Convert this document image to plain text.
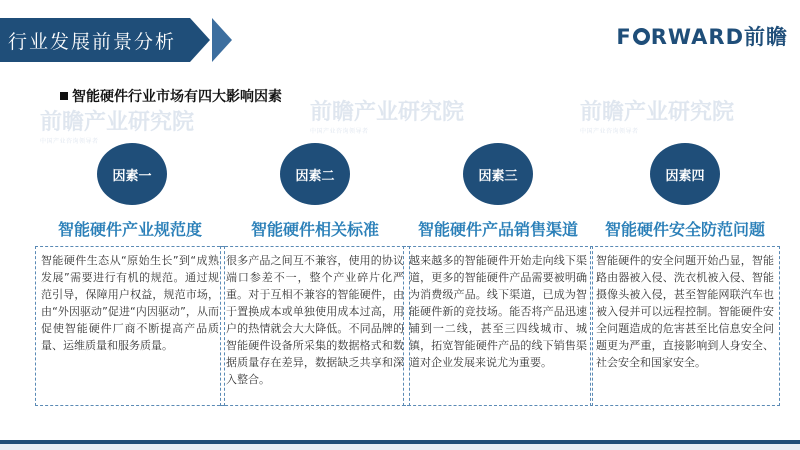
行业发展前景分析	F RWARD前瞻
智能硬件行业市场有四大影响因素
前瞻产业研究院
中国产业咨询领导者
前瞻产业研究院
中国产业咨询领导者
前瞻产业研究院
中国产业咨询领导者
因素一
智能硬件产业规范度
智能硬件生态从“原始生长”到“成熟发展”需要进行有机的规范。通过规范引导，保障用户权益，规范市场，由“外因驱动”促进“内因驱动”，从而促使智能硬件厂商不断提高产品质量、运维质量和服务质量。
因素二
智能硬件相关标准
很多产品之间互不兼容，使用的协议端口参差不一，整个产业碎片化严重。对于互相不兼容的智能硬件，由于置换成本或单独使用成本过高，用户的热情就会大大降低。不同品牌的智能硬件设备所采集的数据格式和数据质量存在差异，数据缺乏共享和深入整合。
因素三
智能硬件产品销售渠道
越来越多的智能硬件开始走向线下渠道，更多的智能硬件产品需要被明确为消费级产品。线下渠道，已成为智能硬件新的竞技场。能否将产品迅速铺到一二线，甚至三四线城市、城镇，拓宽智能硬件产品的线下销售渠道对企业发展来说尤为重要。
因素四
智能硬件安全防范问题
智能硬件的安全问题开始凸显，智能路由器被入侵、洗衣机被入侵、智能摄像头被入侵，甚至智能网联汽车也被入侵并可以远程控制。智能硬件安全问题造成的危害甚至比信息安全问题更为严重，直接影响到人身安全、社会安全和国家安全。
